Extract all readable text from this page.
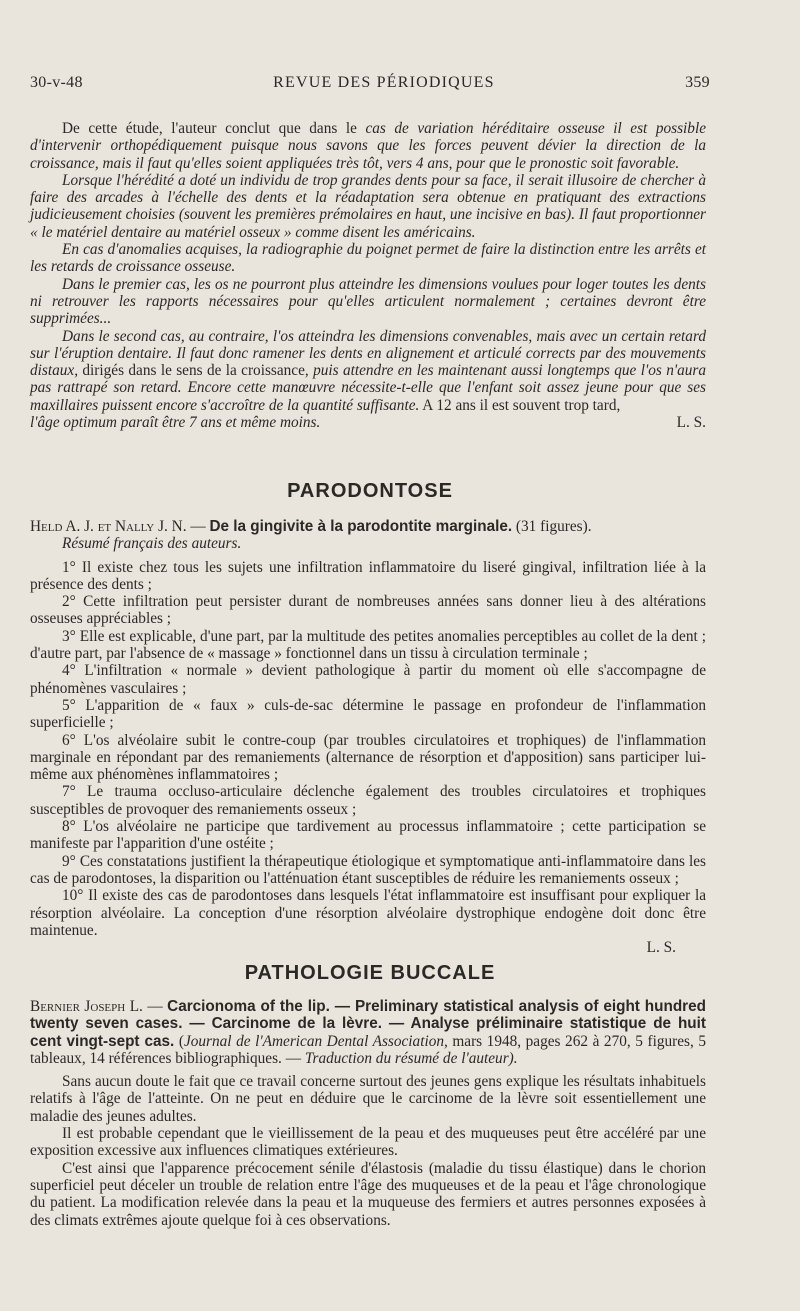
30-v-48	REVUE DES PÉRIODIQUES	359

De cette étude, l'auteur conclut que dans le cas de variation héréditaire osseuse il est possible d'intervenir orthopédiquement puisque nous savons que les forces peuvent dévier la direction de la croissance, mais il faut qu'elles soient appliquées très tôt, vers 4 ans, pour que le pronostic soit favorable.

Lorsque l'hérédité a doté un individu de trop grandes dents pour sa face, il serait illusoire de chercher à faire des arcades à l'échelle des dents et la réadaptation sera obtenue en pratiquant des extractions judicieusement choisies (souvent les premières prémolaires en haut, une incisive en bas). Il faut proportionner « le matériel dentaire au matériel osseux » comme disent les américains.

En cas d'anomalies acquises, la radiographie du poignet permet de faire la distinction entre les arrêts et les retards de croissance osseuse.

Dans le premier cas, les os ne pourront plus atteindre les dimensions voulues pour loger toutes les dents ni retrouver les rapports nécessaires pour qu'elles articulent normalement ; certaines devront être supprimées...

Dans le second cas, au contraire, l'os atteindra les dimensions convenables, mais avec un certain retard sur l'éruption dentaire. Il faut donc ramener les dents en alignement et articulé corrects par des mouvements distaux, dirigés dans le sens de la croissance, puis attendre en les maintenant aussi longtemps que l'os n'aura pas rattrapé son retard. Encore cette manœuvre nécessite-t-elle que l'enfant soit assez jeune pour que ses maxillaires puissent encore s'accroître de la quantité suffisante. A 12 ans il est souvent trop tard,

l'âge optimum paraît être 7 ans et même moins.	L. S.

PARODONTOSE

Held A. J. et Nally J. N. — De la gingivite à la parodontite marginale. (31 figures).

Résumé français des auteurs.

1° Il existe chez tous les sujets une infiltration inflammatoire du liseré gingival, infiltration liée à la présence des dents ;

2° Cette infiltration peut persister durant de nombreuses années sans donner lieu à des altérations osseuses appréciables ;

3° Elle est explicable, d'une part, par la multitude des petites anomalies perceptibles au collet de la dent ; d'autre part, par l'absence de « massage » fonctionnel dans un tissu à circulation terminale ;

4° L'infiltration « normale » devient pathologique à partir du moment où elle s'accompagne de phénomènes vasculaires ;

5° L'apparition de « faux » culs-de-sac détermine le passage en profondeur de l'inflammation superficielle ;

6° L'os alvéolaire subit le contre-coup (par troubles circulatoires et trophiques) de l'inflammation marginale en répondant par des remaniements (alternance de résorption et d'apposition) sans participer lui-même aux phénomènes inflammatoires ;

7° Le trauma occluso-articulaire déclenche également des troubles circulatoires et trophiques susceptibles de provoquer des remaniements osseux ;

8° L'os alvéolaire ne participe que tardivement au processus inflammatoire ; cette participation se manifeste par l'apparition d'une ostéite ;

9° Ces constatations justifient la thérapeutique étiologique et symptomatique anti-inflammatoire dans les cas de parodontoses, la disparition ou l'atténuation étant susceptibles de réduire les remaniements osseux ;

10° Il existe des cas de parodontoses dans lesquels l'état inflammatoire est insuffisant pour expliquer la résorption alvéolaire. La conception d'une résorption alvéolaire dystrophique endogène doit donc être maintenue.

L. S.

PATHOLOGIE BUCCALE

Bernier Joseph L. — Carcionoma of the lip. — Preliminary statistical analysis of eight hundred twenty seven cases. — Carcinome de la lèvre. — Analyse préliminaire statistique de huit cent vingt-sept cas. (Journal de l'American Dental Association, mars 1948, pages 262 à 270, 5 figures, 5 tableaux, 14 références bibliographiques. — Traduction du résumé de l'auteur).

Sans aucun doute le fait que ce travail concerne surtout des jeunes gens explique les résultats inhabituels relatifs à l'âge de l'atteinte. On ne peut en déduire que le carcinome de la lèvre soit essentiellement une maladie des jeunes adultes.

Il est probable cependant que le vieillissement de la peau et des muqueuses peut être accéléré par une exposition excessive aux influences climatiques extérieures.

C'est ainsi que l'apparence précocement sénile d'élastosis (maladie du tissu élastique) dans le chorion superficiel peut déceler un trouble de relation entre l'âge des muqueuses et de la peau et l'âge chronologique du patient. La modification relevée dans la peau et la muqueuse des fermiers et autres personnes exposées à des climats extrêmes ajoute quelque foi à ces observations.
